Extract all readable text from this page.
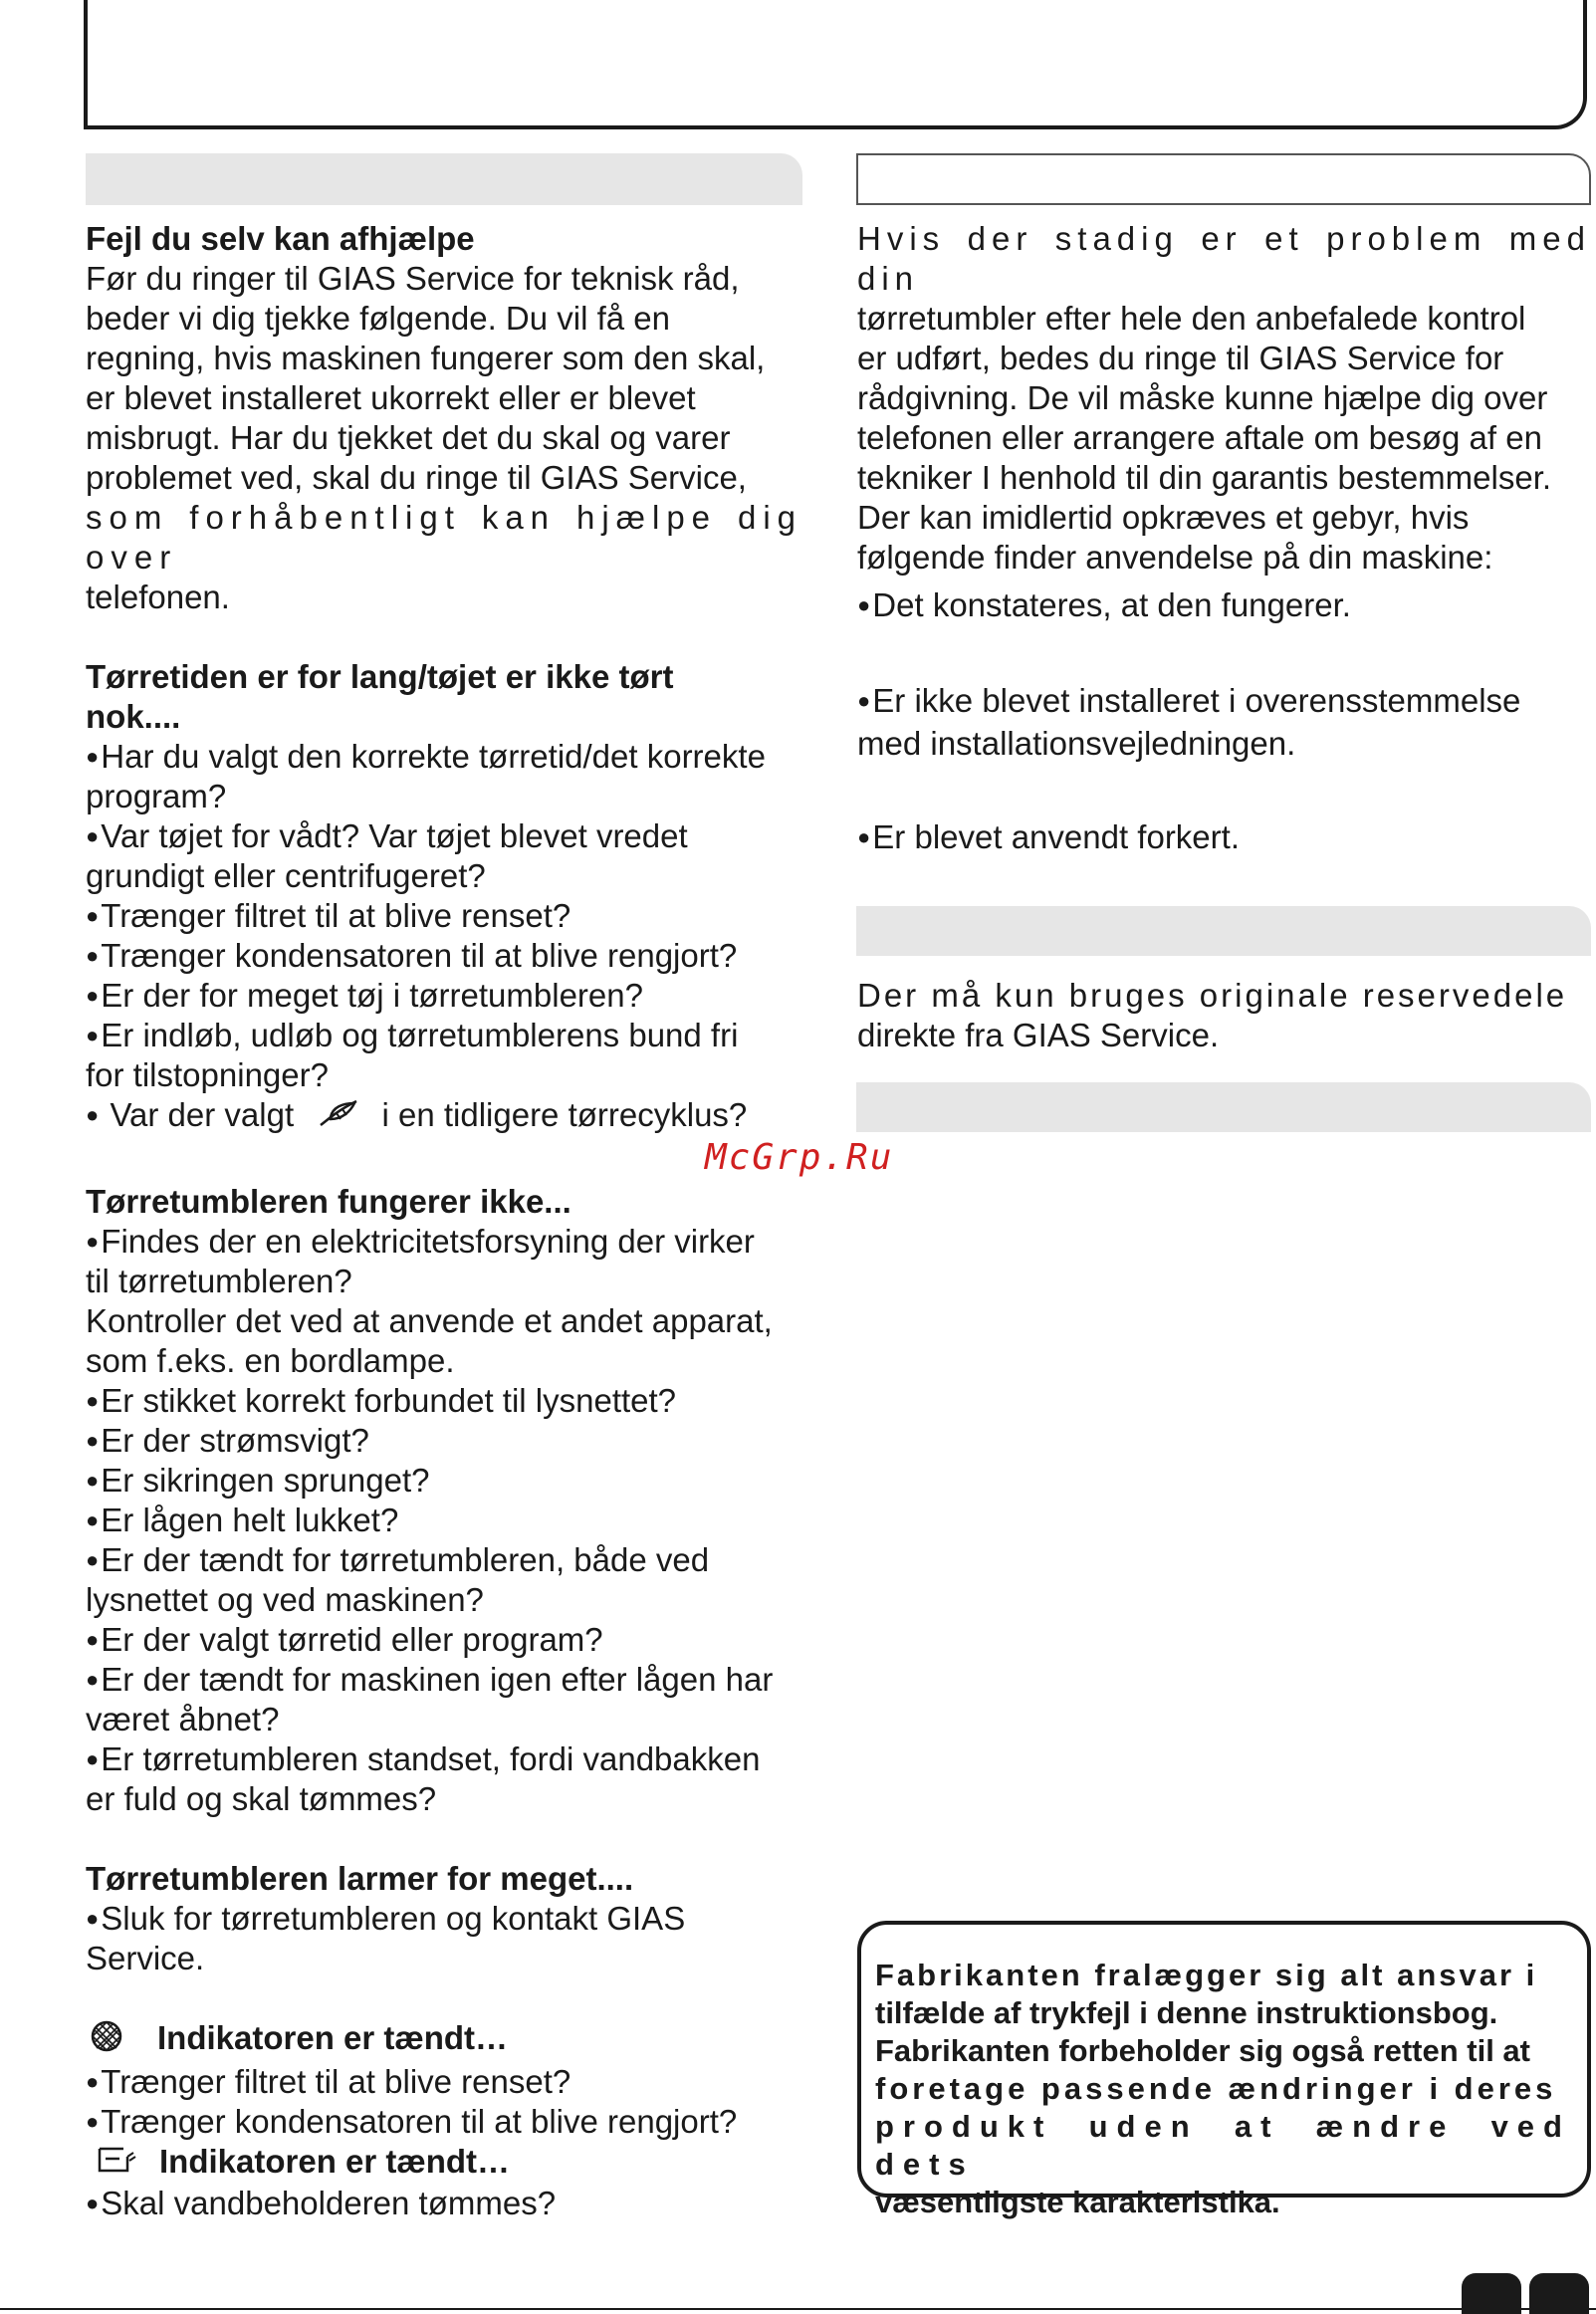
Fejl du selv kan afhjælpe

Før du ringer til GIAS Service for teknisk råd,

beder vi dig tjekke følgende. Du vil få en

regning, hvis maskinen fungerer som den skal,

er blevet installeret ukorrekt eller er blevet

misbrugt. Har du tjekket det du skal og varer

problemet ved, skal du ringe til GIAS Service,

som forhåbentligt kan hjælpe dig over

telefonen.

Tørretiden er for lang/tøjet er ikke tørt

nok....

● Har du valgt den korrekte tørretid/det korrekte

program?

● Var tøjet for vådt? Var tøjet blevet vredet

grundigt eller centrifugeret?

● Trænger filtret til at blive renset?

● Trænger kondensatoren til at blive rengjort?

● Er der for meget tøj i tørretumbleren?

● Er indløb, udløb og tørretumblerens bund fri

for tilstopninger?

● Var der valgt	i en tidligere tørrecyklus?

Tørretumbleren fungerer ikke...

● Findes der en elektricitetsforsyning der virker

til tørretumbleren?

Kontroller det ved at anvende et andet apparat,

som f.eks. en bordlampe.

● Er stikket korrekt forbundet til lysnettet?

● Er der strømsvigt?

● Er sikringen sprunget?

● Er lågen helt lukket?

● Er der tændt for tørretumbleren, både ved

lysnettet og ved maskinen?

● Er der valgt tørretid eller program?

● Er der tændt for maskinen igen efter lågen har

været åbnet?

● Er tørretumbleren standset, fordi vandbakken

er fuld og skal tømmes?

Tørretumbleren larmer for meget....

● Sluk for tørretumbleren og kontakt GIAS

Service.

Indikatoren er tændt…

● Trænger filtret til at blive renset?

● Trænger kondensatoren til at blive rengjort?

Indikatoren er tændt…

● Skal vandbeholderen tømmes?

Hvis der stadig er et problem med din

tørretumbler efter hele den anbefalede kontrol

er udført, bedes du ringe til GIAS Service for

rådgivning. De vil måske kunne hjælpe dig over

telefonen eller arrangere aftale om besøg af en

tekniker I henhold til din garantis bestemmelser.

Der kan imidlertid opkræves et gebyr, hvis

følgende finder anvendelse på din maskine:

● Det konstateres, at den fungerer.

● Er ikke blevet installeret i overensstemmelse

med installationsvejledningen.

● Er blevet anvendt forkert.

Der må kun bruges originale reservedele

direkte fra GIAS Service.

McGrp.Ru

Fabrikanten fralægger sig alt ansvar i

tilfælde af trykfejl i denne instruktionsbog.

Fabrikanten forbeholder sig også retten til at

foretage passende ændringer i deres

produkt uden at ændre ved dets

væsentligste karakteristika.
